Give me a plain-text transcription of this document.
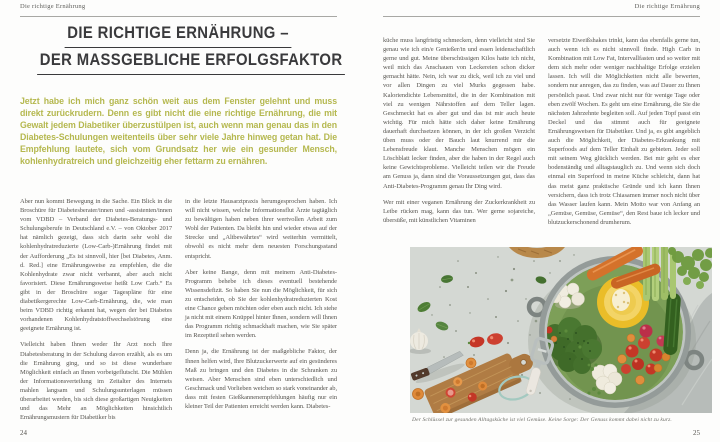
Die richtige Ernährung
DIE RICHTIGE ERNÄHRUNG –
DER MASSGEBLICHE ERFOLGSFAKTOR

Jetzt habe ich mich ganz schön weit aus dem Fenster gelehnt und muss direkt zurückrudern. Denn es gibt nicht die eine richtige Ernährung, die mit Gewalt jedem Diabetiker überzustülpen ist, auch wenn man genau das in den Diabetes-Schulungen weitenteils über sehr viele Jahre hinweg getan hat. Die Empfehlung lautete, sich vom Grundsatz her wie ein gesunder Mensch, kohlenhydratreich und gleichzeitig eher fettarm zu ernähren.

Aber nun kommt Bewegung in die Sache. Ein Blick in die Broschüre für Diabetesberater/innen und -assistenten/innen vom VDBD – Verband der Diabetes-Beratungs- und Schulungsberufe in Deutschland e.V. – von Oktober 2017 hat nämlich gezeigt, dass sich darin sehr wohl die kohlenhydratreduzierte (Low-Carb-)Ernährung findet mit der Aufforderung „Es ist sinnvoll, hier [bei Diabetes, Anm. d. Red.] eine Ernährungsweise zu empfehlen, die die Kohlenhydrate zwar nicht verbannt, aber auch nicht favorisiert. Diese Ernährungsweise heißt Low Carb.“ Es gibt in der Broschüre sogar Tagespläne für eine diabetikergerechte Low-Carb-Ernährung, die, wie man beim VDBD richtig erkannt hat, wegen der bei Diabetes vorhandenen Kohlenhydratstoffwechselstörung eine geeignete Ernährung ist.

Vielleicht haben Ihnen weder Ihr Arzt noch Ihre Diabetesberatung in der Schulung davon erzählt, als es um die Ernährung ging, und so ist diese wunderbare Möglichkeit einfach an Ihnen vorbeigeflutscht. Die Mühlen der Informationsverteilung im Zeitalter des Internets mahlen langsam und Schulungsunterlagen müssen überarbeitet werden, bis sich diese großartigen Neuigkeiten und das Mehr an Möglichkeiten hinsichtlich Ernährungsmustern für Diabetiker bis

in die letzte Hausarztpraxis herumgesprochen haben. Ich will nicht wissen, welche Informationsflut Ärzte tagtäglich zu bewältigen haben neben ihrer wertvollen Arbeit zum Wohl der Patienten. Da bleibt hin und wieder etwas auf der Strecke und „Altbewährtes“ wird weiterhin vermittelt, obwohl es nicht mehr dem neuesten Forschungsstand entspricht.

Aber keine Bange, denn mit meinem Anti-Diabetes-Programm behebe ich dieses eventuell bestehende Wissensdefizit. So haben Sie nun die Möglichkeit, für sich zu entscheiden, ob Sie der kohlenhydratreduzierten Kost eine Chance geben möchten oder eben auch nicht. Ich stehe ja nicht mit einem Knüppel hinter Ihnen, sondern will Ihnen das Programm richtig schmackhaft machen, wie Sie später im Rezeptteil sehen werden.

Denn ja, die Ernährung ist der maßgebliche Faktor, der Ihnen helfen wird, Ihre Blutzuckerwerte auf ein gesünderes Maß zu bringen und den Diabetes in die Schranken zu weisen. Aber Menschen sind eben unterschiedlich und Geschmack und Vorlieben weichen so stark voneinander ab, dass mit festen Gießkannenempfehlungen häufig nur ein kleiner Teil der Patienten erreicht werden kann. Diabetes-

24
Die richtige Ernährung

küche muss langfristig schmecken, denn vielleicht sind Sie genau wie ich ein/e Genießer/in und essen leidenschaftlich gerne und gut. Meine überschüssigen Kilos hatte ich nicht, weil mich das Anschauen von Leckereien schon dicker gemacht hätte. Nein, ich war zu dick, weil ich zu viel und vor allen Dingen zu viel Murks gegessen habe. Kaloriendichte Lebensmittel, die in der Kombination mit viel zu wenigen Nährstoffen auf dem Teller lagen. Geschmeckt hat es aber gut und das ist mir auch heute wichtig. Für mich hätte sich daher keine Ernährung dauerhaft durchsetzen können, in der ich großen Verzicht üben muss oder der Bauch laut knurrend mir die Lebensfreude klaut. Manche Menschen mögen ein Löschblatt lecker finden, aber die haben in der Regel auch keine Gewichtsprobleme. Vielleicht teilen wir die Freude am Genuss ja, dann sind die Voraussetzungen gut, dass das Anti-Diabetes-Programm genau Ihr Ding wird.

Wer mit einer veganen Ernährung der Zuckerkrankheit zu Leibe rücken mag, kann das tun. Wer gerne sojareiche, übersüße, mit künstlichen Vitaminen

versetzte Eiweißshakes trinkt, kann das ebenfalls gerne tun, auch wenn ich es nicht sinnvoll finde. High Carb in Kombination mit Low Fat, Intervallfasten und so weiter mit dem sich mehr oder weniger nachhaltige Erfolge erzielen lassen. Ich will die Möglichkeiten nicht alle bewerten, sondern nur anregen, das zu finden, was auf Dauer zu Ihnen persönlich passt. Und zwar nicht nur für wenige Tage oder eben zwölf Wochen. Es geht um eine Ernährung, die Sie die nächsten Jahrzehnte begleiten soll. Auf jeden Topf passt ein Deckel und das stimmt auch für geeignete Ernährungsweisen für Diabetiker. Und ja, es gibt angeblich auch die Möglichkeit, der Diabetes-Erkrankung mit Superfoods auf dem Teller Einhalt zu gebieten. Jeder soll mit seinem Weg glücklich werden. Bei mir geht es eher bodenständig und alltagstauglich zu. Und wenn sich doch einmal ein Superfood in meine Küche schleicht, dann hat das meist ganz praktische Gründe und ich kann Ihnen versichern, dass ich trotz Chiasamen immer noch nicht über das Wasser laufen kann. Mein Motto war von Anfang an „Gemüse, Gemüse, Gemüse“, den Rest baue ich lecker und blutzuckerschonend drumherum.

Der Schlüssel zur gesunden Alltagsküche ist viel Gemüse. Keine Sorge: Der Genuss kommt dabei nicht zu kurz.
25
